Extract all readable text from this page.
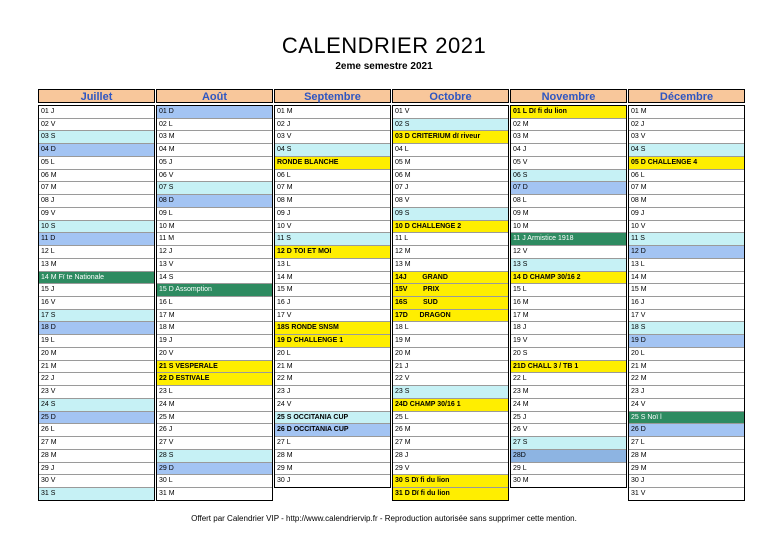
CALENDRIER 2021
2eme semestre 2021
Juillet
01 J
02 V
03 S
04 D
05 L
06 M
07 M
08 J
09 V
10 S
11 D
12 L
13 M
14 M Fï te Nationale
15 J
16 V
17 S
18 D
19 L
20 M
21 M
22 J
23 V
24 S
25 D
26 L
27 M
28 M
29 J
30 V
31 S
Août
01 D
02 L
03 M
04 M
05 J
06 V
07 S
08 D
09 L
10 M
11 M
12 J
13 V
14 S
15 D Assomption
16 L
17 M
18 M
19 J
20 V
21 S VESPERALE
22 D ESTIVALE
23 L
24 M
25 M
26 J
27 V
28 S
29 D
30 L
31 M
Septembre
01 M
02 J
03 V
04 S
RONDE BLANCHE
06 L
07 M
08 M
09 J
10 V
11 S
12 D TOI ET MOI
13 L
14 M
15 M
16 J
17 V
18S RONDE SNSM
19 D CHALLENGE 1
20 L
21 M
22 M
23 J
24 V
25 S OCCITANIA CUP
26 D OCCITANIA CUP
27 L
28 M
29 M
30 J
Octobre
01 V
02 S
03 D CRITERIUM dï riveur
04 L
05 M
06 M
07 J
08 V
09 S
10 D CHALLENGE 2
11 L
12 M
13 M
14J        GRAND
15V        PRIX
16S        SUD
17D      DRAGON
18 L
19 M
20 M
21 J
22 V
23 S
24D CHAMP 30/16 1
25 L
26 M
27 M
28 J
29 V
30 S Dï fi du lion
31 D Dï fi du lion
Novembre
01 L Dï fi du lion
02 M
03 M
04 J
05 V
06 S
07 D
08 L
09 M
10 M
11 J Armistice 1918
12 V
13 S
14 D CHAMP 30/16 2
15 L
16 M
17 M
18 J
19 V
20 S
21D CHALL 3 / TB 1
22 L
23 M
24 M
25 J
26 V
27 S
28D
29 L
30 M
Décembre
01 M
02 J
03 V
04 S
05 D CHALLENGE 4
06 L
07 M
08 M
09 J
10 V
11 S
12 D
13 L
14 M
15 M
16 J
17 V
18 S
19 D
20 L
21 M
22 M
23 J
24 V
25 S Noï l
26 D
27 L
28 M
29 M
30 J
31 V
Offert par Calendrier VIP - http://www.calendriervip.fr - Reproduction autorisée sans supprimer cette mention.
